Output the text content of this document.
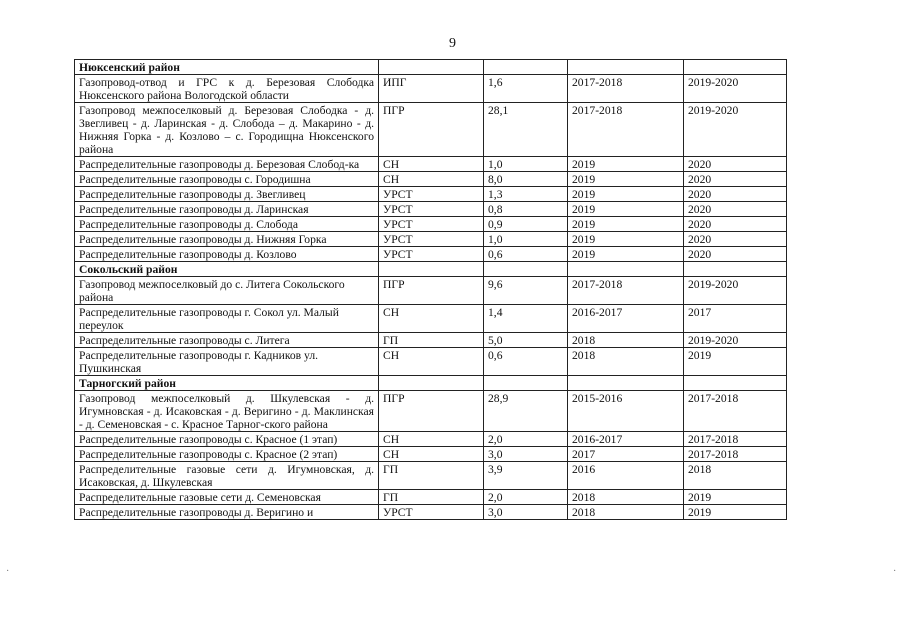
9
Нюксенский район				
Газопровод-отвод и ГРС к д. Березовая Слободка Нюксенского района Вологодской области	ИПГ	1,6	2017-2018	2019-2020
Газопровод межпоселковый д. Березовая Слободка - д. Звегливец - д. Ларинская - д. Слобода – д. Макарино - д. Нижняя Горка - д. Козлово – с. Городищна Нюксенского района	ПГР	28,1	2017-2018	2019-2020
Распределительные газопроводы д. Березовая Слобод-ка	СН	1,0	2019	2020
Распределительные газопроводы с. Городишна	СН	8,0	2019	2020
Распределительные газопроводы д. Звегливец	УРСТ	1,3	2019	2020
Распределительные газопроводы д. Ларинская	УРСТ	0,8	2019	2020
Распределительные газопроводы д. Слобода	УРСТ	0,9	2019	2020
Распределительные газопроводы д. Нижняя Горка	УРСТ	1,0	2019	2020
Распределительные газопроводы д. Козлово	УРСТ	0,6	2019	2020
Сокольский район				
Газопровод межпоселковый до с. Литега Сокольского района	ПГР	9,6	2017-2018	2019-2020
Распределительные газопроводы г. Сокол ул. Малый переулок	СН	1,4	2016-2017	2017
Распределительные газопроводы с. Литега	ГП	5,0	2018	2019-2020
Распределительные газопроводы г. Кадников ул. Пушкинская	СН	0,6	2018	2019
Тарногский район				
Газопровод межпоселковый д. Шкулевская - д. Игумновская - д. Исаковская - д. Веригино - д. Маклинская - д. Семеновская - с. Красное Тарног-ского района	ПГР	28,9	2015-2016	2017-2018
Распределительные газопроводы с. Красное (1 этап)	СН	2,0	2016-2017	2017-2018
Распределительные газопроводы с. Красное (2 этап)	СН	3,0	2017	2017-2018
Распределительные газовые сети д. Игумновская, д. Исаковская, д. Шкулевская	ГП	3,9	2016	2018
Распределительные газовые сети д. Семеновская	ГП	2,0	2018	2019
Распределительные газопроводы д. Веригино и	УРСТ	3,0	2018	2019
·	·
